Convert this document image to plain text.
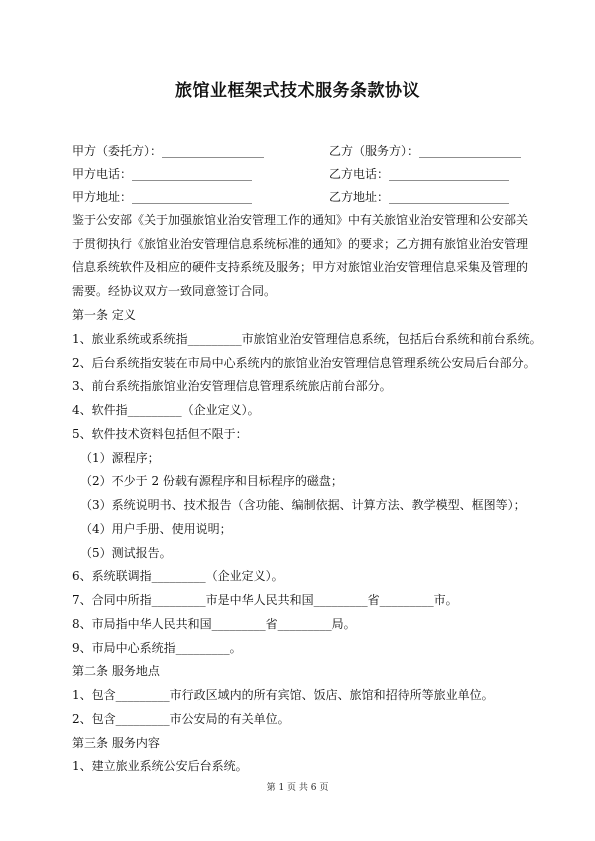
旅馆业框架式技术服务条款协议
甲方（委托方）：_________________	乙方（服务方）：_________________
甲方电话：____________________	乙方电话：____________________
甲方地址：____________________	乙方地址：____________________
鉴于公安部《关于加强旅馆业治安管理工作的通知》中有关旅馆业治安管理和公安部关
于贯彻执行《旅馆业治安管理信息系统标准的通知》的要求；乙方拥有旅馆业治安管理
信息系统软件及相应的硬件支持系统及服务；甲方对旅馆业治安管理信息采集及管理的
需要。经协议双方一致同意签订合同。
第一条 定义
1、旅业系统或系统指_________市旅馆业治安管理信息系统，包括后台系统和前台系统。
2、后台系统指安装在市局中心系统内的旅馆业治安管理信息管理系统公安局后台部分。
3、前台系统指旅馆业治安管理信息管理系统旅店前台部分。
4、软件指_________（企业定义）。
5、软件技术资料包括但不限于：
（1）源程序；
（2）不少于 2 份载有源程序和目标程序的磁盘；
（3）系统说明书、技术报告（含功能、编制依据、计算方法、教学模型、框图等）；
（4）用户手册、使用说明；
（5）测试报告。
6、系统联调指_________（企业定义）。
7、合同中所指_________市是中华人民共和国_________省_________市。
8、市局指中华人民共和国_________省_________局。
9、市局中心系统指_________。
第二条 服务地点
1、包含_________市行政区域内的所有宾馆、饭店、旅馆和招待所等旅业单位。
2、包含_________市公安局的有关单位。
第三条 服务内容
1、建立旅业系统公安后台系统。
第 1 页 共 6 页
